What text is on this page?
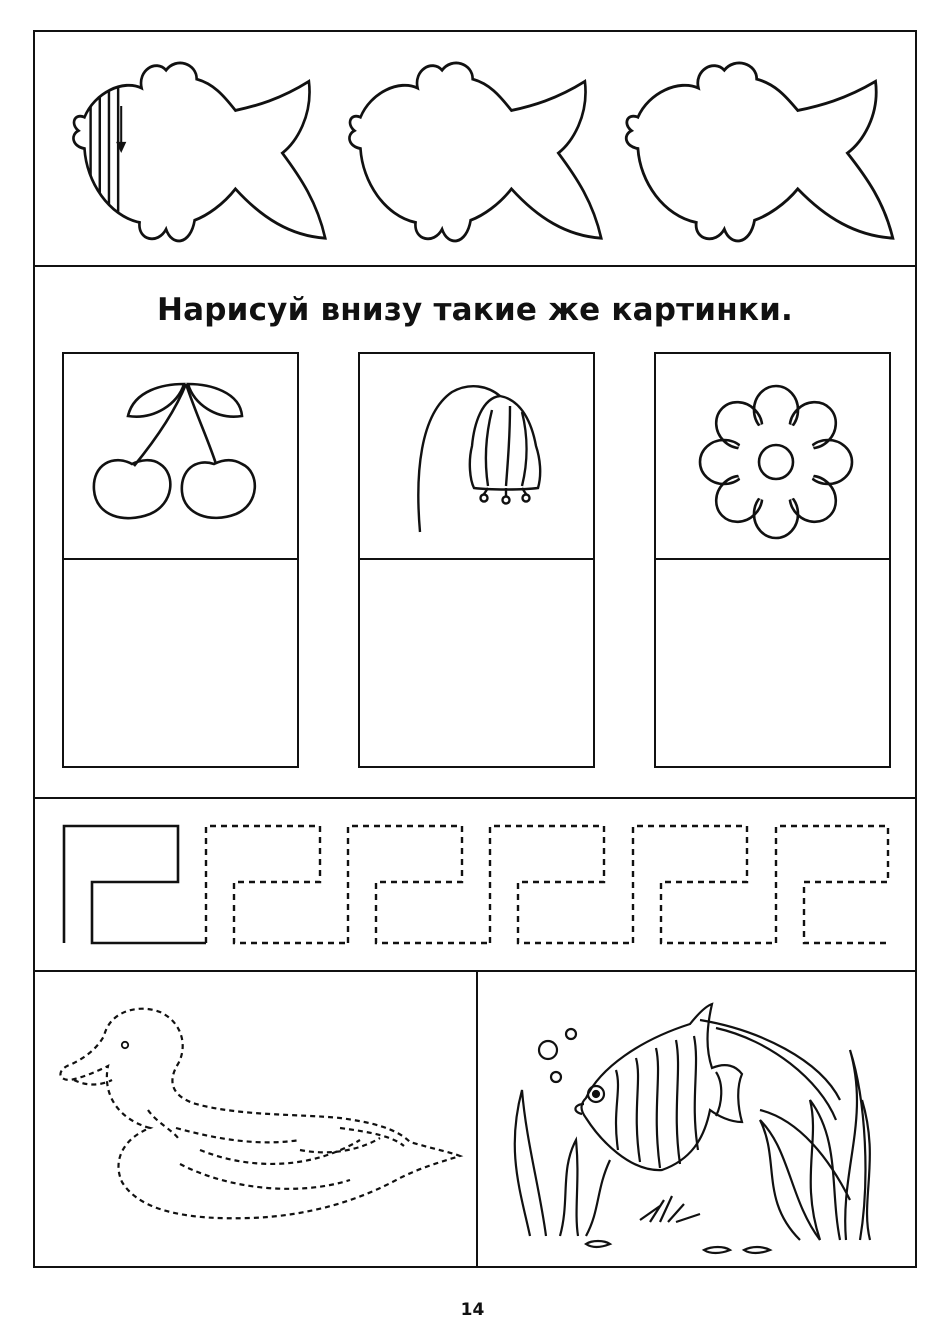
Нарисуй внизу такие же картинки.
14
